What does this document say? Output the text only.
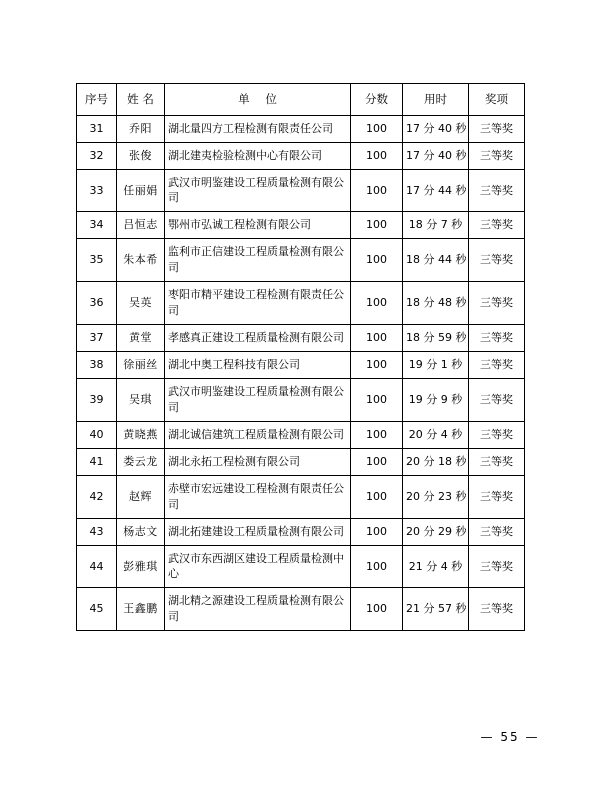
序号	姓 名	单 位	分数	用时	奖项
31	乔阳	湖北量四方工程检测有限责任公司	100	17 分 40 秒	三等奖
32	张俊	湖北建夷检验检测中心有限公司	100	17 分 40 秒	三等奖
33	任丽娟	武汉市明鉴建设工程质量检测有限公司	100	17 分 44 秒	三等奖
34	吕恒志	鄂州市弘诚工程检测有限公司	100	18 分 7 秒	三等奖
35	朱本希	监利市正信建设工程质量检测有限公司	100	18 分 44 秒	三等奖
36	吴英	枣阳市精平建设工程检测有限责任公司	100	18 分 48 秒	三等奖
37	黄堂	孝感真正建设工程质量检测有限公司	100	18 分 59 秒	三等奖
38	徐丽丝	湖北中奥工程科技有限公司	100	19 分 1 秒	三等奖
39	吴琪	武汉市明鉴建设工程质量检测有限公司	100	19 分 9 秒	三等奖
40	黄晓燕	湖北诚信建筑工程质量检测有限公司	100	20 分 4 秒	三等奖
41	娄云龙	湖北永拓工程检测有限公司	100	20 分 18 秒	三等奖
42	赵辉	赤壁市宏远建设工程检测有限责任公司	100	20 分 23 秒	三等奖
43	杨志文	湖北拓建建设工程质量检测有限公司	100	20 分 29 秒	三等奖
44	彭雅琪	武汉市东西湖区建设工程质量检测中心	100	21 分 4 秒	三等奖
45	王鑫鹏	湖北精之源建设工程质量检测有限公司	100	21 分 57 秒	三等奖
— 55 —
